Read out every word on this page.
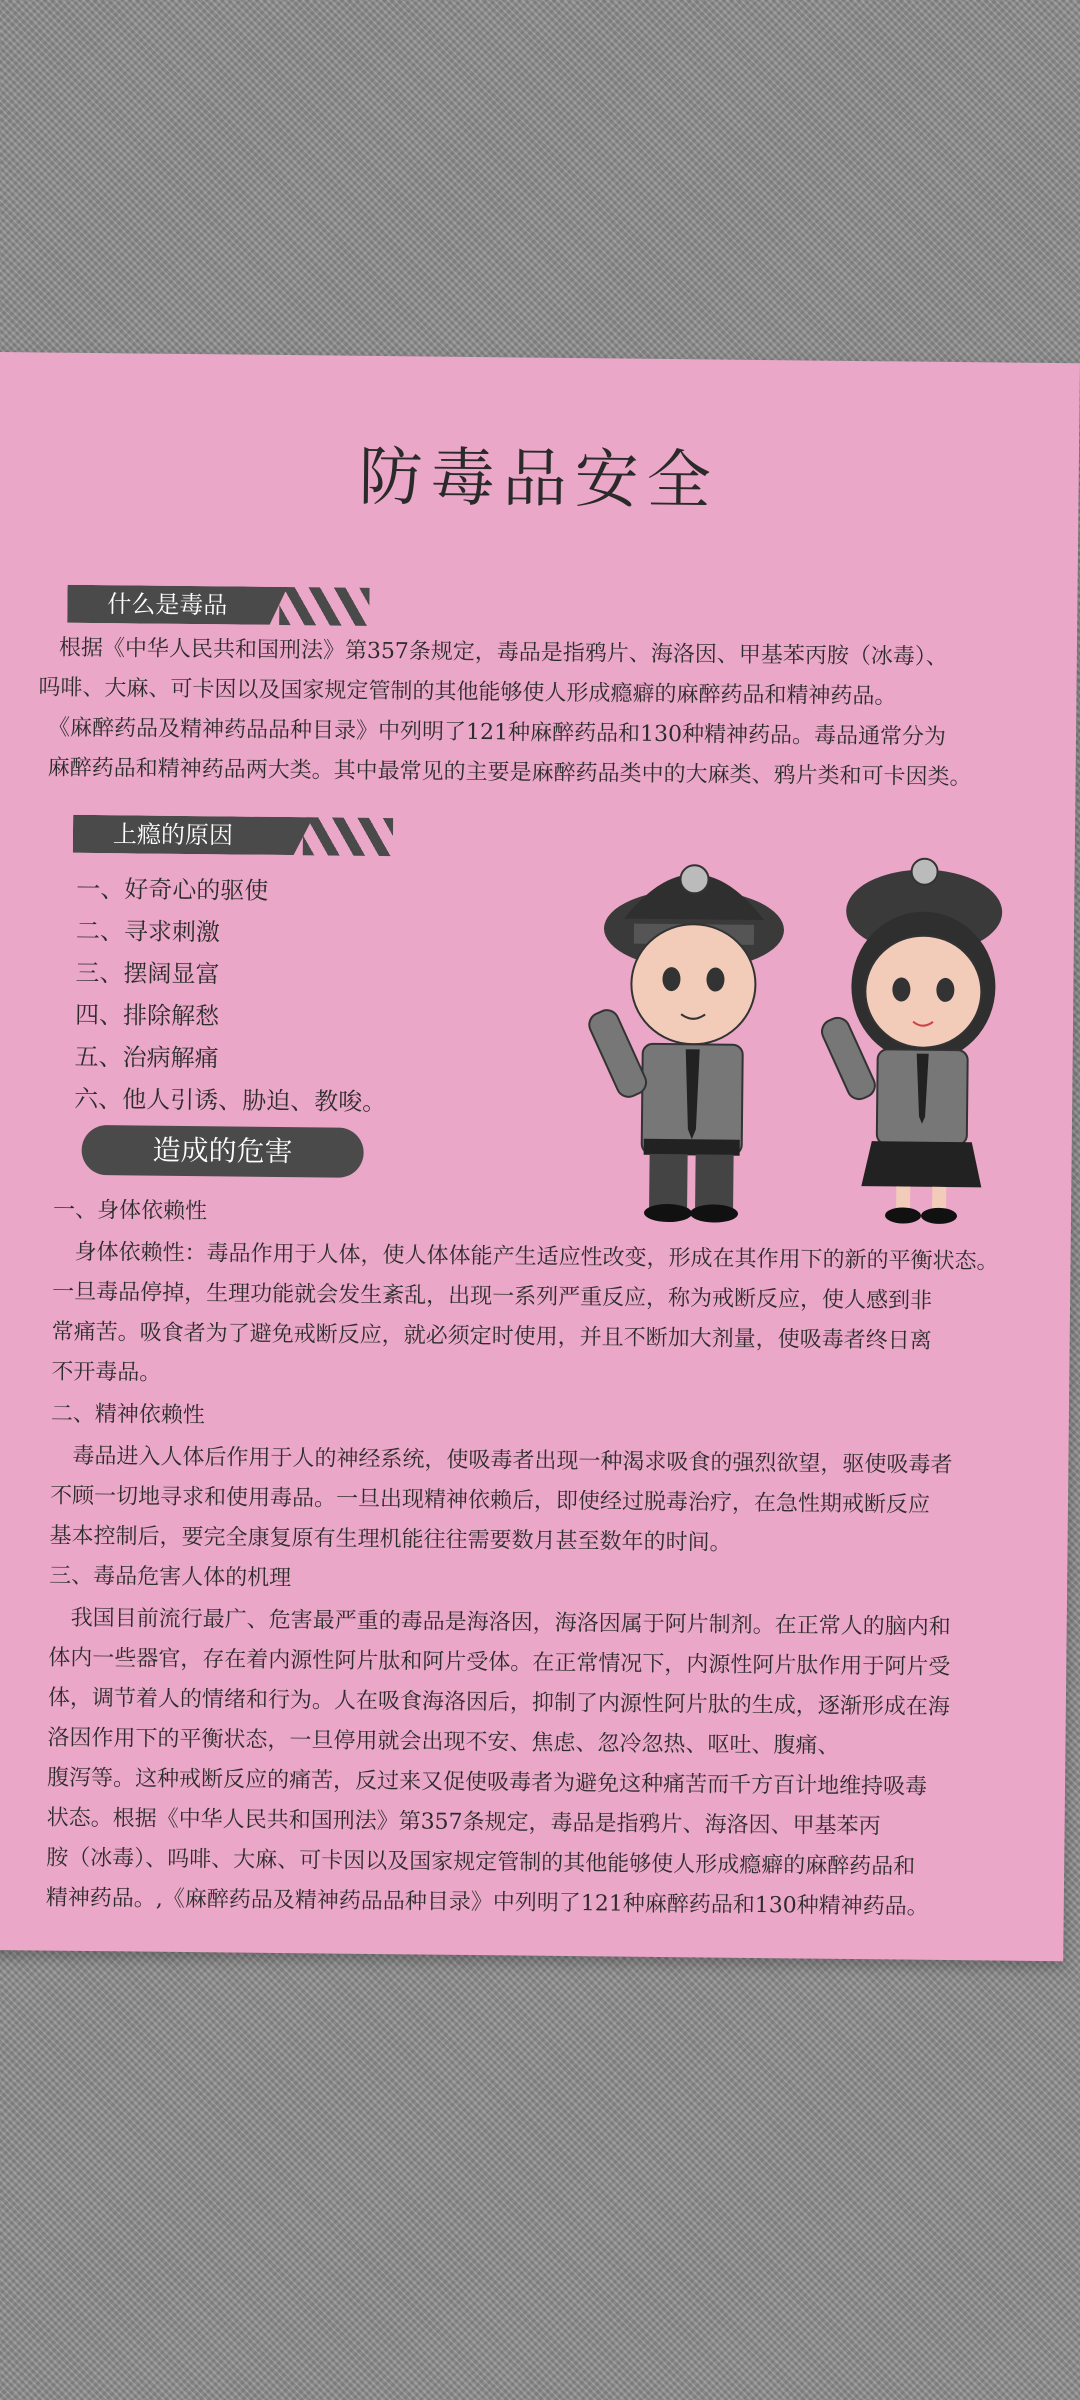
防毒品安全
什么是毒品
根据《中华人民共和国刑法》第357条规定，毒品是指鸦片、海洛因、甲基苯丙胺（冰毒）、
吗啡、大麻、可卡因以及国家规定管制的其他能够使人形成瘾癖的麻醉药品和精神药品。
《麻醉药品及精神药品品种目录》中列明了121种麻醉药品和130种精神药品。毒品通常分为
麻醉药品和精神药品两大类。其中最常见的主要是麻醉药品类中的大麻类、鸦片类和可卡因类。
上瘾的原因
一、好奇心的驱使
二、寻求刺激
三、摆阔显富
四、排除解愁
五、治病解痛
六、他人引诱、胁迫、教唆。
造成的危害
一、身体依赖性
身体依赖性：毒品作用于人体，使人体体能产生适应性改变，形成在其作用下的新的平衡状态。
一旦毒品停掉，生理功能就会发生紊乱，出现一系列严重反应，称为戒断反应，使人感到非
常痛苦。吸食者为了避免戒断反应，就必须定时使用，并且不断加大剂量，使吸毒者终日离
不开毒品。
二、精神依赖性
毒品进入人体后作用于人的神经系统，使吸毒者出现一种渴求吸食的强烈欲望，驱使吸毒者
不顾一切地寻求和使用毒品。一旦出现精神依赖后，即使经过脱毒治疗，在急性期戒断反应
基本控制后，要完全康复原有生理机能往往需要数月甚至数年的时间。
三、毒品危害人体的机理
我国目前流行最广、危害最严重的毒品是海洛因，海洛因属于阿片制剂。在正常人的脑内和
体内一些器官，存在着内源性阿片肽和阿片受体。在正常情况下，内源性阿片肽作用于阿片受
体，调节着人的情绪和行为。人在吸食海洛因后，抑制了内源性阿片肽的生成，逐渐形成在海
洛因作用下的平衡状态，一旦停用就会出现不安、焦虑、忽冷忽热、呕吐、腹痛、
腹泻等。这种戒断反应的痛苦，反过来又促使吸毒者为避免这种痛苦而千方百计地维持吸毒
状态。根据《中华人民共和国刑法》第357条规定，毒品是指鸦片、海洛因、甲基苯丙
胺（冰毒）、吗啡、大麻、可卡因以及国家规定管制的其他能够使人形成瘾癖的麻醉药品和
精神药品。,《麻醉药品及精神药品品种目录》中列明了121种麻醉药品和130种精神药品。
